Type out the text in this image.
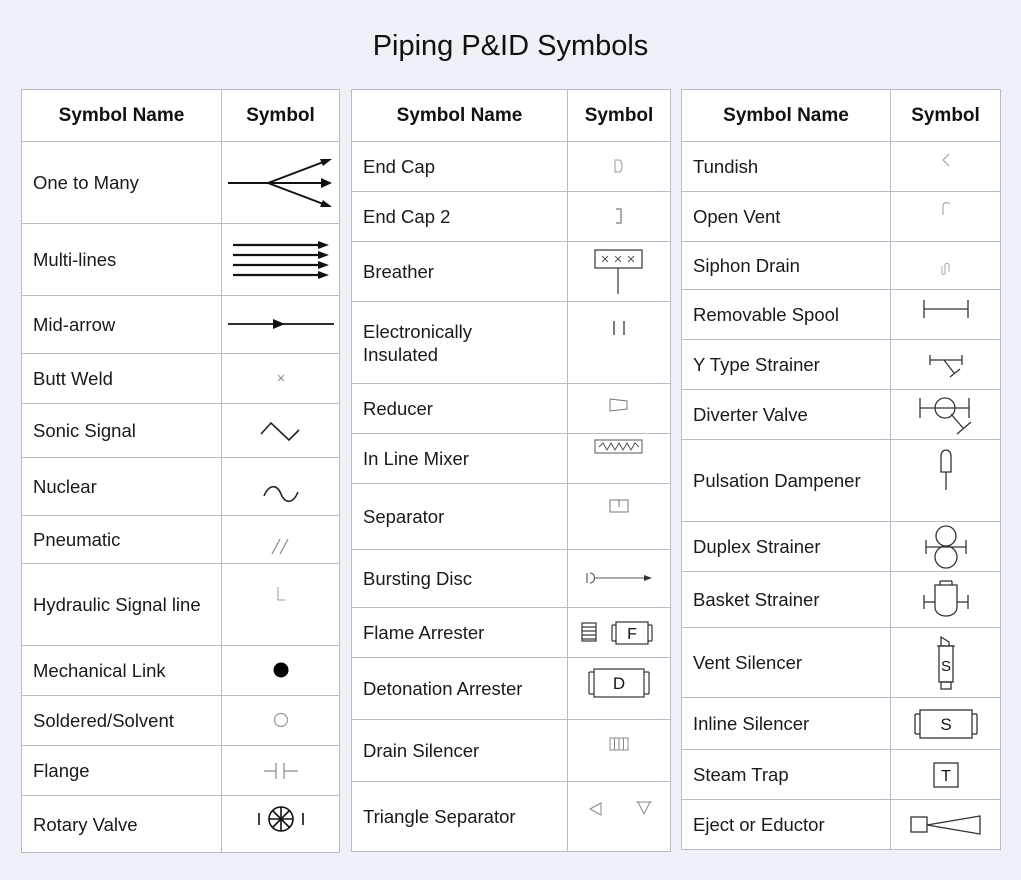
Piping P&ID Symbols
Symbol Name	Symbol
One to Many	

Multi-lines	

Mid-arrow	

Butt Weld	

Sonic Signal	

Nuclear	

Pneumatic	

Hydraulic Signal line	

Mechanical Link	

Soldered/Solvent	

Flange	

Rotary Valve	
Symbol Name	Symbol
End Cap	

End Cap 2	

Breather	

Electronically
Insulated	

Reducer	

In Line Mixer	

Separator	

Bursting Disc	

Flame Arrester	F

Detonation Arrester	D

Drain Silencer	

Triangle Separator	
Symbol Name	Symbol
Tundish	

Open Vent	

Siphon Drain	

Removable Spool	

Y Type Strainer	

Diverter Valve	

Pulsation Dampener	

Duplex Strainer	

Basket Strainer	

Vent Silencer	S

Inline Silencer	S

Steam Trap	T

Eject or Eductor	
